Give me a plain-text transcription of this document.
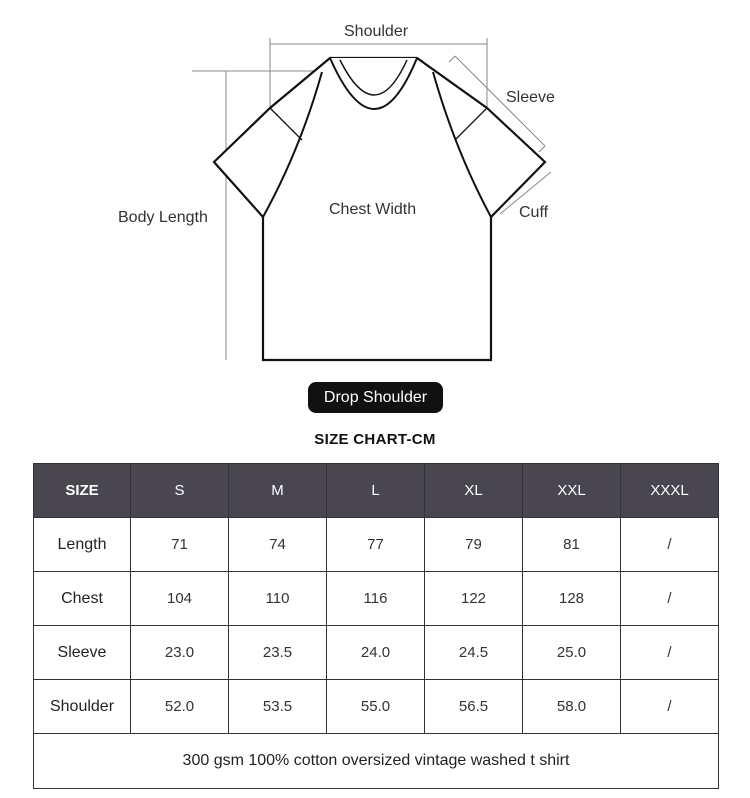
Shoulder
Sleeve
Cuff
Chest Width
Body Length
Drop Shoulder
SIZE CHART-CM
SIZE	S	M	L	XL	XXL	XXXL
Length	71	74	77	79	81	/
Chest	104	110	116	122	128	/
Sleeve	23.0	23.5	24.0	24.5	25.0	/
Shoulder	52.0	53.5	55.0	56.5	58.0	/
300 gsm 100% cotton oversized vintage washed t shirt						
